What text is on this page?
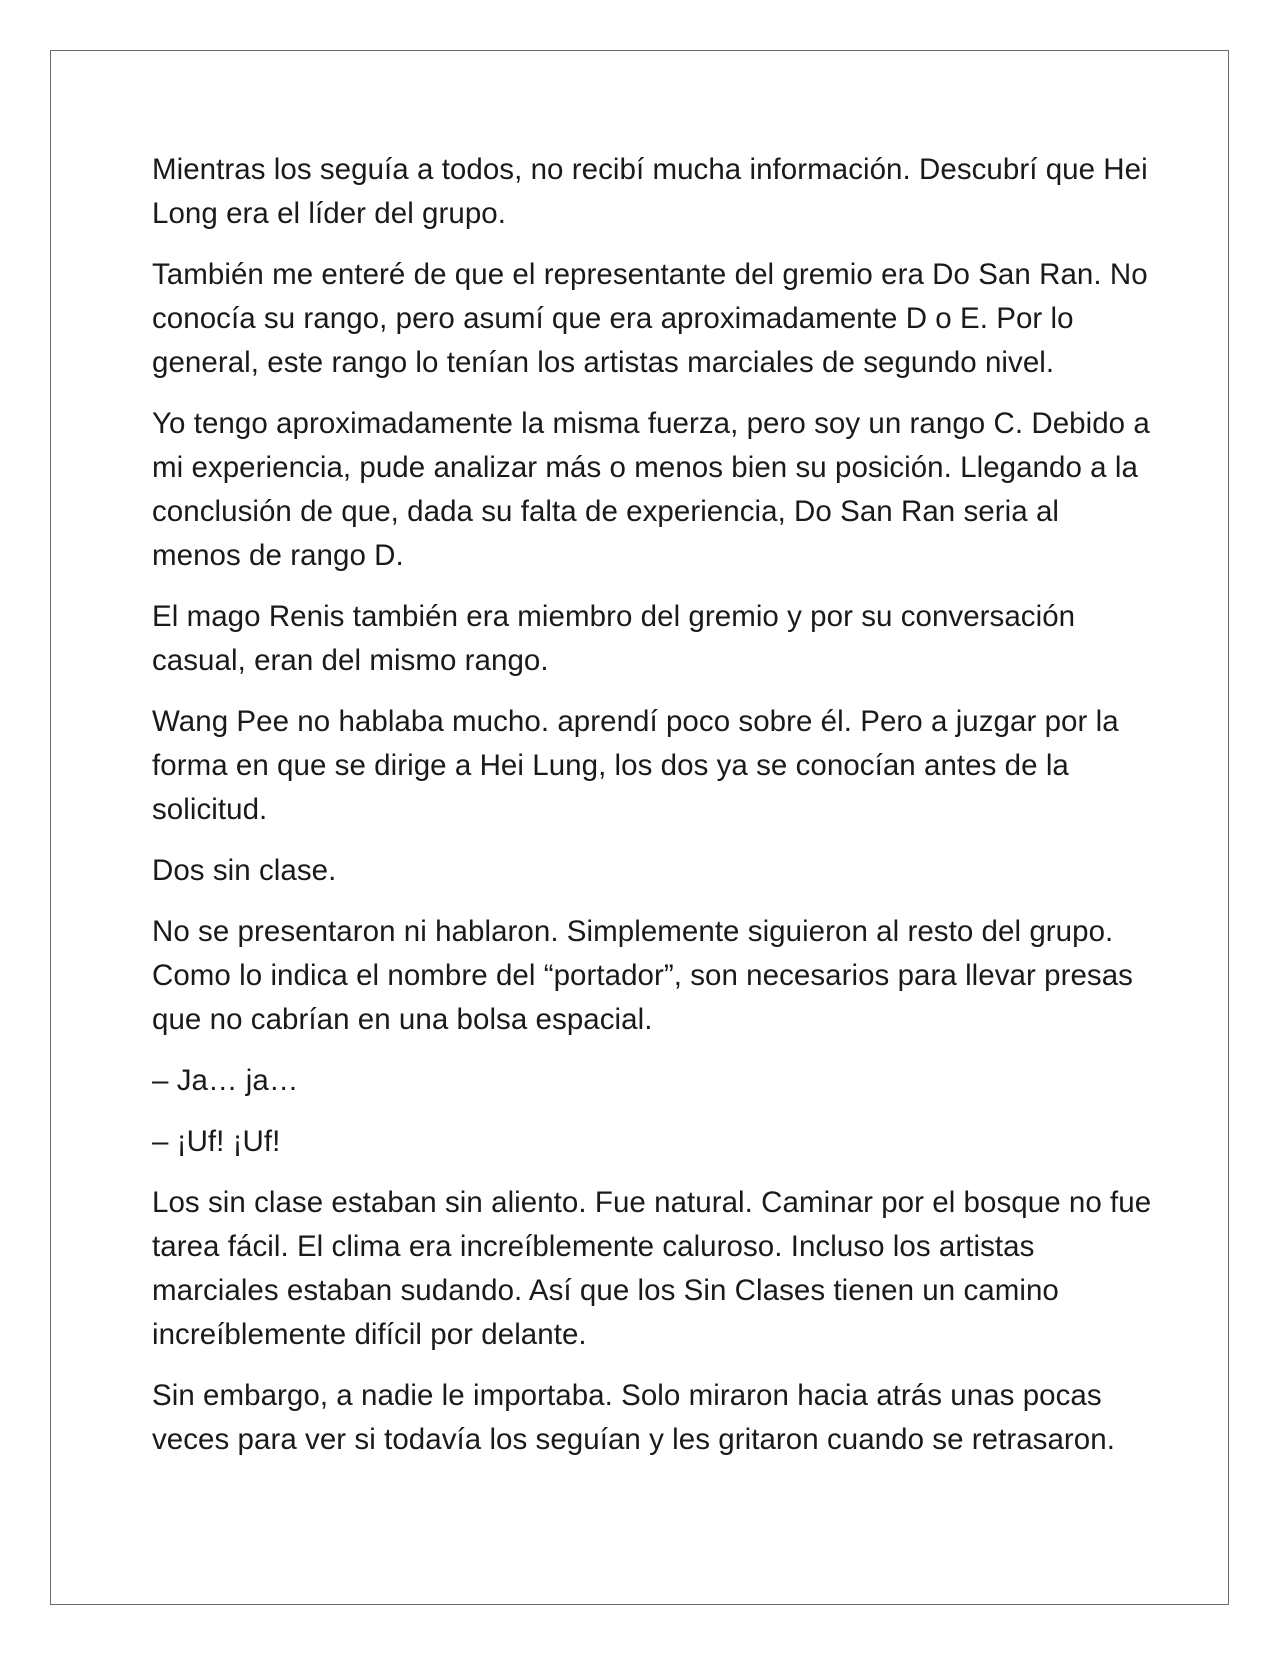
Mientras los seguía a todos, no recibí mucha información. Descubrí que Hei Long era el líder del grupo.

También me enteré de que el representante del gremio era Do San Ran. No conocía su rango, pero asumí que era aproximadamente D o E. Por lo general, este rango lo tenían los artistas marciales de segundo nivel.

Yo tengo aproximadamente la misma fuerza, pero soy un rango C. Debido a mi experiencia, pude analizar más o menos bien su posición. Llegando a la conclusión de que, dada su falta de experiencia, Do San Ran seria al menos de rango D.

El mago Renis también era miembro del gremio y por su conversación casual, eran del mismo rango.

Wang Pee no hablaba mucho. aprendí poco sobre él. Pero a juzgar por la forma en que se dirige a Hei Lung, los dos ya se conocían antes de la solicitud.

Dos sin clase.

No se presentaron ni hablaron. Simplemente siguieron al resto del grupo. Como lo indica el nombre del “portador”, son necesarios para llevar presas que no cabrían en una bolsa espacial.

– Ja… ja…

– ¡Uf! ¡Uf!

Los sin clase estaban sin aliento. Fue natural. Caminar por el bosque no fue tarea fácil. El clima era increíblemente caluroso. Incluso los artistas marciales estaban sudando. Así que los Sin Clases tienen un camino increíblemente difícil por delante.

Sin embargo, a nadie le importaba. Solo miraron hacia atrás unas pocas veces para ver si todavía los seguían y les gritaron cuando se retrasaron.
